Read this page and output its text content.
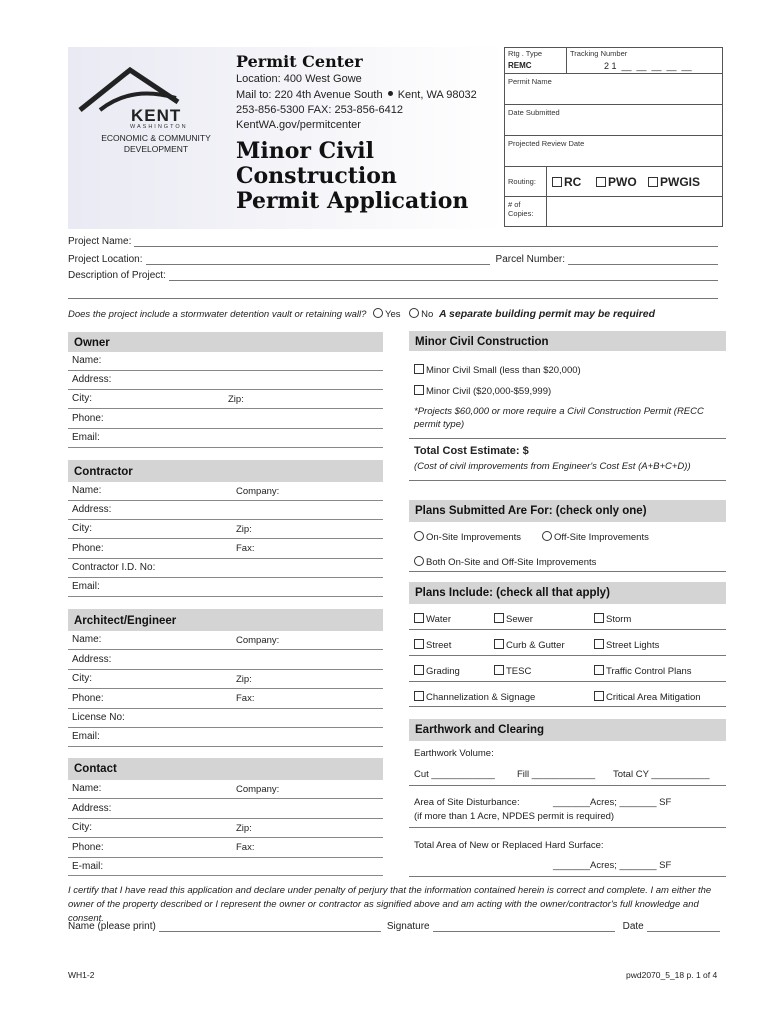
KENT
WASHINGTON
ECONOMIC & COMMUNITY
DEVELOPMENT
Permit Center
Location: 400 West Gowe
Mail to: 220 4th Avenue South Kent, WA 98032
253-856-5300 FAX: 253-856-6412
KentWA.gov/permitcenter
Minor Civil
Construction
Permit Application
Rtg . Type
REMC
Tracking Number
2 1  __  __  __  __  __
Permit Name
Date Submitted
Projected Review Date
Routing:	RC	PWO	PWGIS
# of Copies:
Project Name:
Project Location:	Parcel Number:
Description of Project:
Does the project include a stormwater detention vault or retaining wall? Yes No A separate building permit may be required
Owner
Name:
Address:
City:	Zip:
Phone:
Email:
Contractor
Name:	Company:
Address:
City:	Zip:
Phone:	Fax:
Contractor I.D. No:
Email:
Architect/Engineer
Name:	Company:
Address:
City:	Zip:
Phone:	Fax:
License No:
Email:
Contact
Name:	Company:
Address:
City:	Zip:
Phone:	Fax:
E-mail:
Minor Civil Construction
Minor Civil Small (less than $20,000)
Minor Civil ($20,000-$59,999)
*Projects $60,000 or more require a Civil Construction Permit (RECC permit type)
Total Cost Estimate: $
(Cost of civil improvements from Engineer's Cost Est (A+B+C+D))
Plans Submitted Are For: (check only one)
On-Site Improvements	Off-Site Improvements
Both On-Site and Off-Site Improvements
Plans Include: (check all that apply)
Water	Sewer	Storm
Street	Curb & Gutter	Street Lights
Grading	TESC	Traffic Control Plans
Channelization & Signage	Critical Area Mitigation
Earthwork and Clearing
Earthwork Volume:
Cut ____________ Fill ____________ Total CY ___________
Area of Site Disturbance:	_______Acres; _______ SF
(if more than 1 Acre, NPDES permit is required)
Total Area of New or Replaced Hard Surface:
_______Acres; _______ SF
I certify that I have read this application and declare under penalty of perjury that the information contained herein is correct and complete. I am either the owner of the property described or I represent the owner or contractor as signified above and am acting with the owner/contractor's full knowledge and consent.
Name (please print)	Signature	Date
WH1-2	pwd2070_5_18 p. 1 of 4
